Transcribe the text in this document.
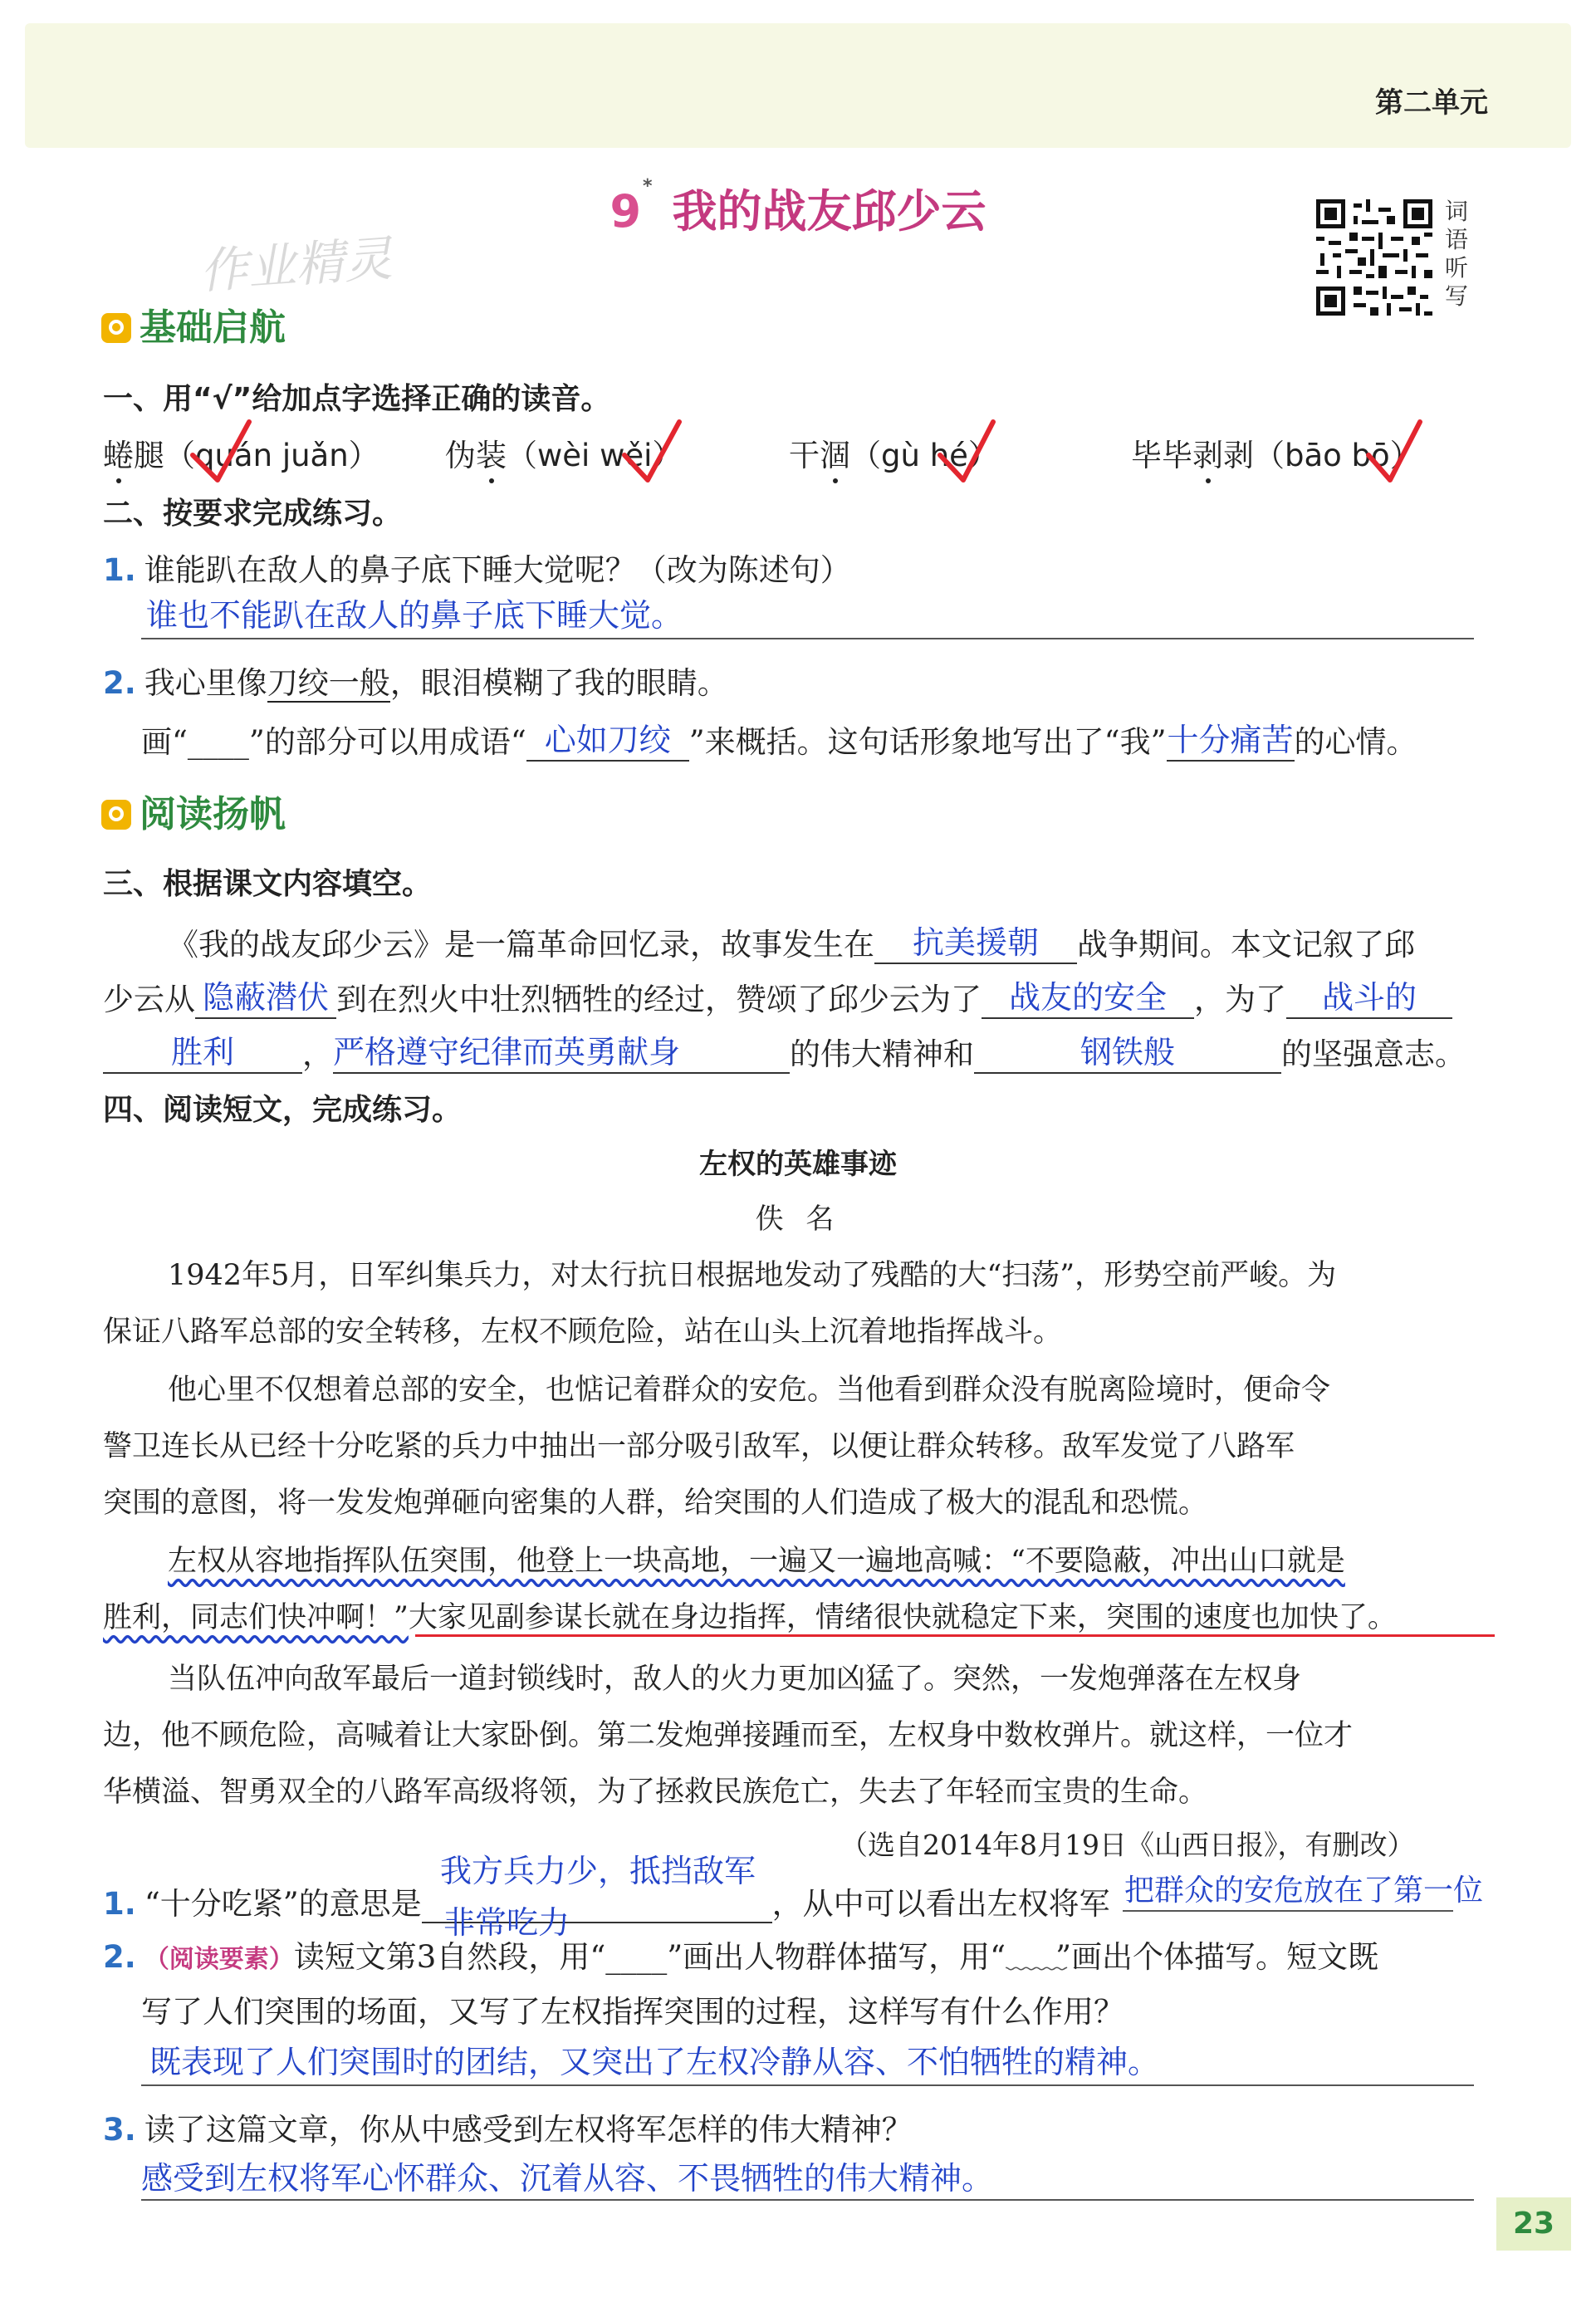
第二单元
9* 我的战友邱少云
作业精灵
词
语
听
写
基础启航
一、用“√”给加点字选择正确的读音。
蜷腿（quán juǎn） 伪装（wèi wěi）	干涸（gù hé）	毕毕剥剥（bāo bō）
二、按要求完成练习。
1. 谁能趴在敌人的鼻子底下睡大觉呢？（改为陈述句）
谁也不能趴在敌人的鼻子底下睡大觉。
2. 我心里像刀绞一般，眼泪模糊了我的眼睛。
画“____”的部分可以用成语“ 心如刀绞 ”来概括。这句话形象地写出了“我”十分痛苦的心情。
阅读扬帆
三、根据课文内容填空。
《我的战友邱少云》是一篇革命回忆录，故事发生在 抗美援朝 战争期间。本文记叙了邱
少云从 隐蔽潜伏 到在烈火中壮烈牺牲的经过，赞颂了邱少云为了 战友的安全 ，为了 战斗的
胜利 ，严格遵守纪律而英勇献身	的伟大精神和	钢铁般	的坚强意志。
四、阅读短文，完成练习。
左权的英雄事迹
佚 名
1942年5月，日军纠集兵力，对太行抗日根据地发动了残酷的大“扫荡”，形势空前严峻。为
保证八路军总部的安全转移，左权不顾危险，站在山头上沉着地指挥战斗。
他心里不仅想着总部的安全，也惦记着群众的安危。当他看到群众没有脱离险境时，便命令
警卫连长从已经十分吃紧的兵力中抽出一部分吸引敌军，以便让群众转移。敌军发觉了八路军
突围的意图，将一发发炮弹砸向密集的人群，给突围的人们造成了极大的混乱和恐慌。
左权从容地指挥队伍突围，他登上一块高地，一遍又一遍地高喊：“不要隐蔽，冲出山口就是
胜利，同志们快冲啊！”大家见副参谋长就在身边指挥，情绪很快就稳定下来，突围的速度也加快了。
当队伍冲向敌军最后一道封锁线时，敌人的火力更加凶猛了。突然，一发炮弹落在左权身
边，他不顾危险，高喊着让大家卧倒。第二发炮弹接踵而至，左权身中数枚弹片。就这样，一位才
华横溢、智勇双全的八路军高级将领，为了拯救民族危亡，失去了年轻而宝贵的生命。
（选自2014年8月19日《山西日报》，有删改）
我方兵力少，抵挡敌军
1. “十分吃紧”的意思是	，从中可以看出左权将军 把群众的安危放在了第一位
非常吃力
2. （阅读要素）读短文第3自然段，用“____”画出人物群体描写，用“﹏﹏”画出个体描写。短文既
写了人们突围的场面，又写了左权指挥突围的过程，这样写有什么作用？
既表现了人们突围时的团结，又突出了左权冷静从容、不怕牺牲的精神。
3. 读了这篇文章，你从中感受到左权将军怎样的伟大精神？
感受到左权将军心怀群众、沉着从容、不畏牺牲的伟大精神。
23
